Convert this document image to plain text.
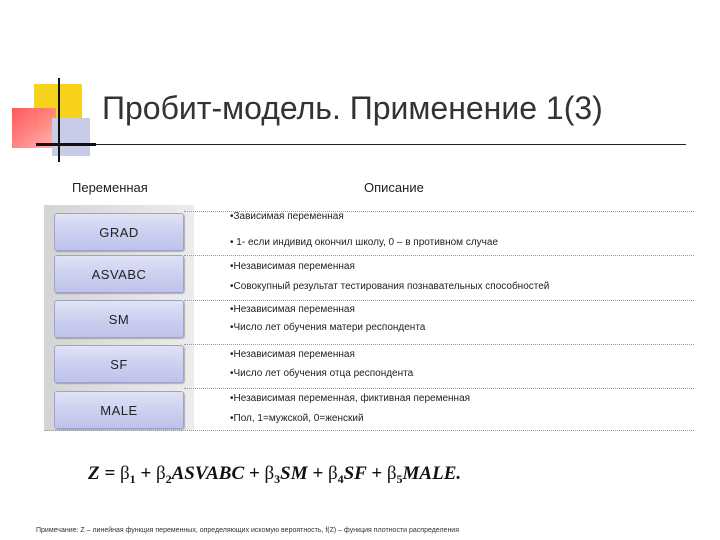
Пробит-модель. Применение 1(3)
Переменная	Описание
GRAD
•Зависимая переменная
• 1- если индивид окончил школу, 0 – в противном случае
ASVABC	•Независимая переменная
•Совокупный результат тестирования познавательных способностей
SM
•Независимая переменная
•Число лет обучения матери респондента
SF
•Независимая переменная
•Число лет обучения отца респондента
MALE
•Независимая переменная, фиктивная переменная
•Пол, 1=мужской, 0=женский
$Z = \beta_1$ + $\beta_2ASVABC + \beta_3SM + \beta_4SF$ + $\beta_5MALE$.
Примечание: Z – линейная функция переменных, определяющих искомую вероятность, f(Z) – функция плотности распределения
